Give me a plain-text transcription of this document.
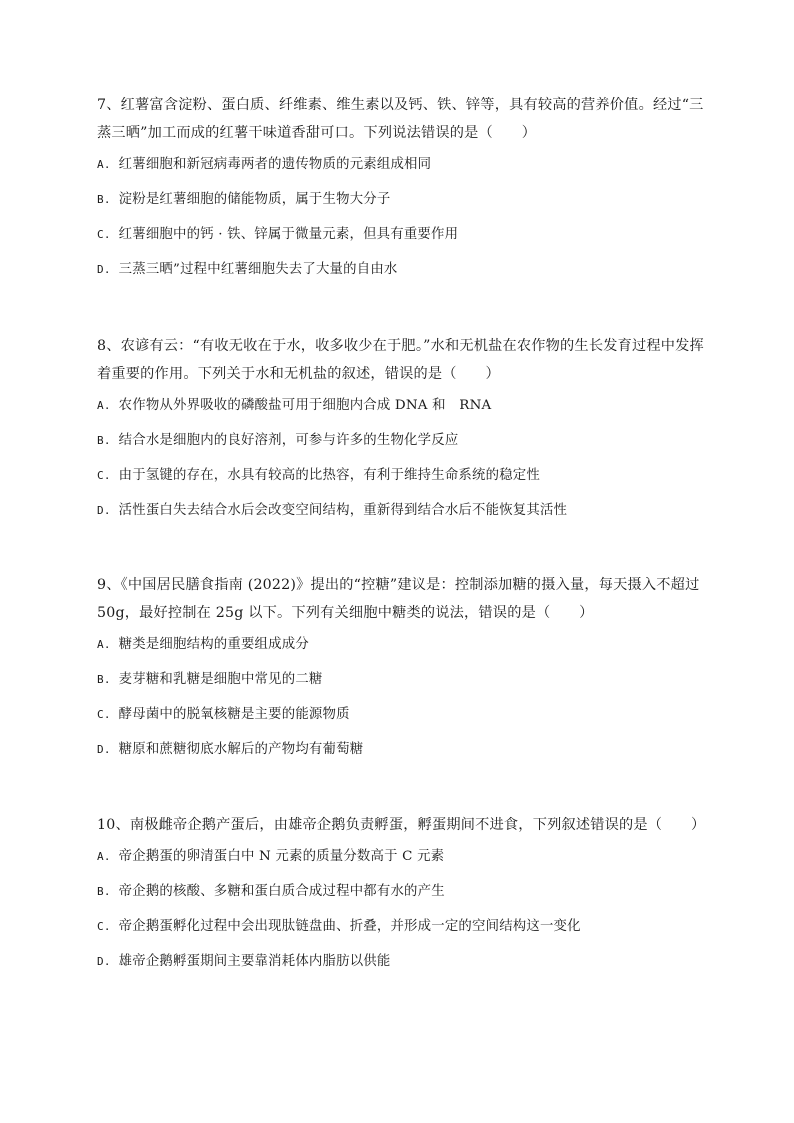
7、红薯富含淀粉、蛋白质、纤维素、维生素以及钙、铁、锌等，具有较高的营养价值。经过“三蒸三晒”加工而成的红薯干味道香甜可口。下列说法错误的是（　　）

A. 红薯细胞和新冠病毒两者的遗传物质的元素组成相同
B. 淀粉是红薯细胞的储能物质，属于生物大分子
C. 红薯细胞中的钙 · 铁、锌属于微量元素，但具有重要作用
D. 三蒸三晒”过程中红薯细胞失去了大量的自由水

8、农谚有云：“有收无收在于水，收多收少在于肥。”水和无机盐在农作物的生长发育过程中发挥着重要的作用。下列关于水和无机盐的叙述，错误的是（　　）

A. 农作物从外界吸收的磷酸盐可用于细胞内合成 DNA 和　RNA
B. 结合水是细胞内的良好溶剂，可参与许多的生物化学反应
C. 由于氢键的存在，水具有较高的比热容，有利于维持生命系统的稳定性
D. 活性蛋白失去结合水后会改变空间结构，重新得到结合水后不能恢复其活性

9、《中国居民膳食指南 (2022)》提出的“控糖”建议是：控制添加糖的摄入量，每天摄入不超过 50g，最好控制在 25g 以下。下列有关细胞中糖类的说法，错误的是（　　）

A. 糖类是细胞结构的重要组成成分
B. 麦芽糖和乳糖是细胞中常见的二糖
C. 酵母菌中的脱氧核糖是主要的能源物质
D. 糖原和蔗糖彻底水解后的产物均有葡萄糖

10、南极雌帝企鹅产蛋后，由雄帝企鹅负责孵蛋，孵蛋期间不进食，下列叙述错误的是（　　）

A. 帝企鹅蛋的卵清蛋白中 N 元素的质量分数高于 C 元素
B. 帝企鹅的核酸、多糖和蛋白质合成过程中都有水的产生
C. 帝企鹅蛋孵化过程中会出现肽链盘曲、折叠，并形成一定的空间结构这一变化
D. 雄帝企鹅孵蛋期间主要靠消耗体内脂肪以供能
